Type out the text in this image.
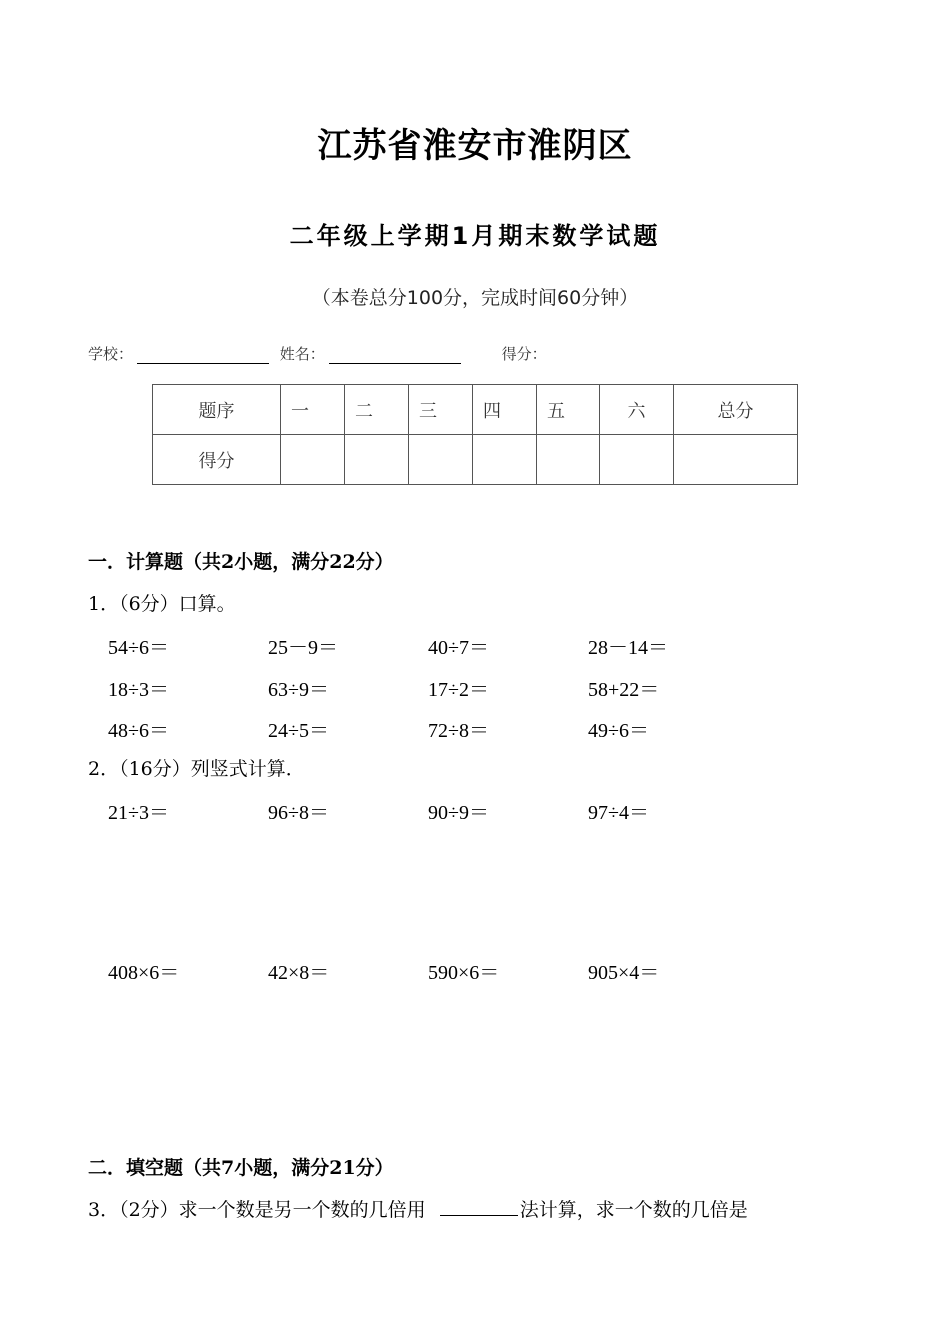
江苏省淮安市淮阴区
二年级上学期1月期末数学试题
（本卷总分100分，完成时间60分钟）
学校：	姓名：	得分：
题序	一	二	三	四	五	六	总分
得分							
一．计算题（共2小题，满分22分）
1．（6分）口算。
54÷6＝	25－9＝	40÷7＝	28－14＝
18÷3＝	63÷9＝	17÷2＝	58+22＝
48÷6＝	24÷5＝	72÷8＝	49÷6＝
2．（16分）列竖式计算．
21÷3＝	96÷8＝	90÷9＝	97÷4＝
408×6＝	42×8＝	590×6＝	905×4＝
二．填空题（共7小题，满分21分）
3．（2分）求一个数是另一个数的几倍用	法计算，求一个数的几倍是
